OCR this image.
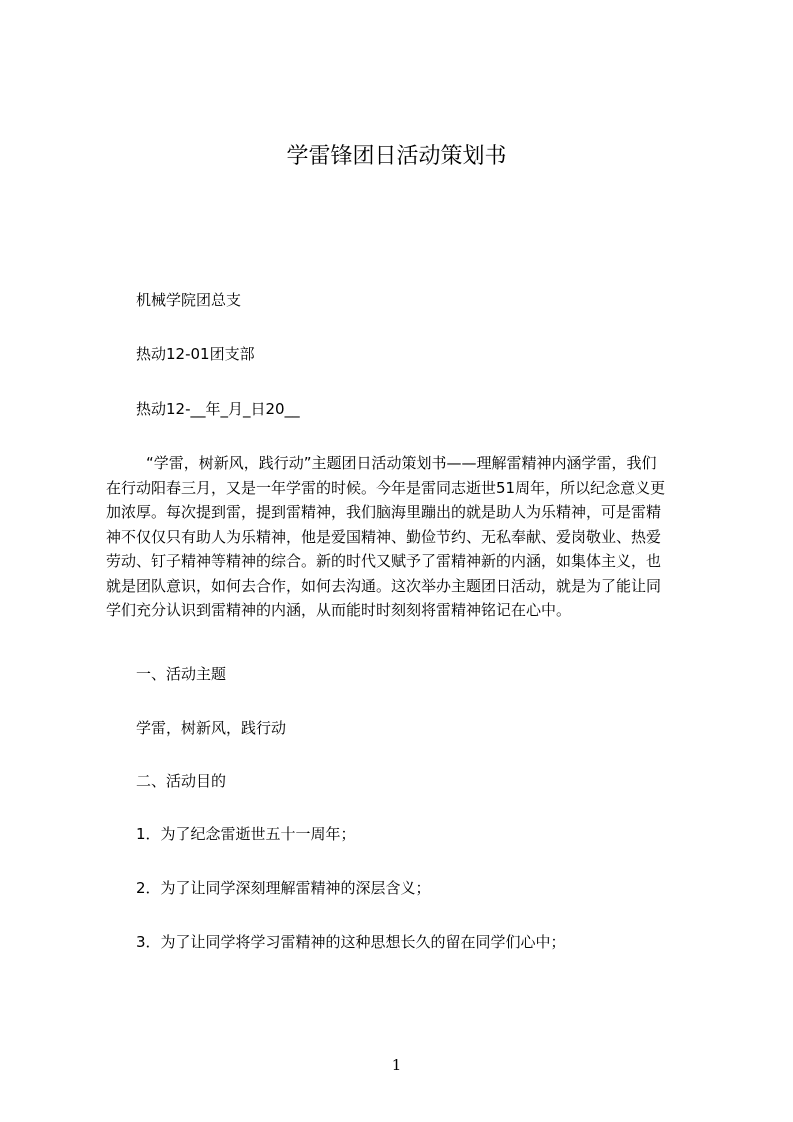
学雷锋团日活动策划书
机械学院团总支
热动12-01团支部
热动12-__年_月_日20__
“学雷，树新风，践行动”主题团日活动策划书——理解雷精神内涵学雷，我们
在行动阳春三月，又是一年学雷的时候。今年是雷同志逝世51周年，所以纪念意义更
加浓厚。每次提到雷，提到雷精神，我们脑海里蹦出的就是助人为乐精神，可是雷精
神不仅仅只有助人为乐精神，他是爱国精神、勤俭节约、无私奉献、爱岗敬业、热爱
劳动、钉子精神等精神的综合。新的时代又赋予了雷精神新的内涵，如集体主义，也
就是团队意识，如何去合作，如何去沟通。这次举办主题团日活动，就是为了能让同
学们充分认识到雷精神的内涵，从而能时时刻刻将雷精神铭记在心中。
一、活动主题
学雷，树新风，践行动
二、活动目的
1．为了纪念雷逝世五十一周年；
2．为了让同学深刻理解雷精神的深层含义；
3．为了让同学将学习雷精神的这种思想长久的留在同学们心中；
1
